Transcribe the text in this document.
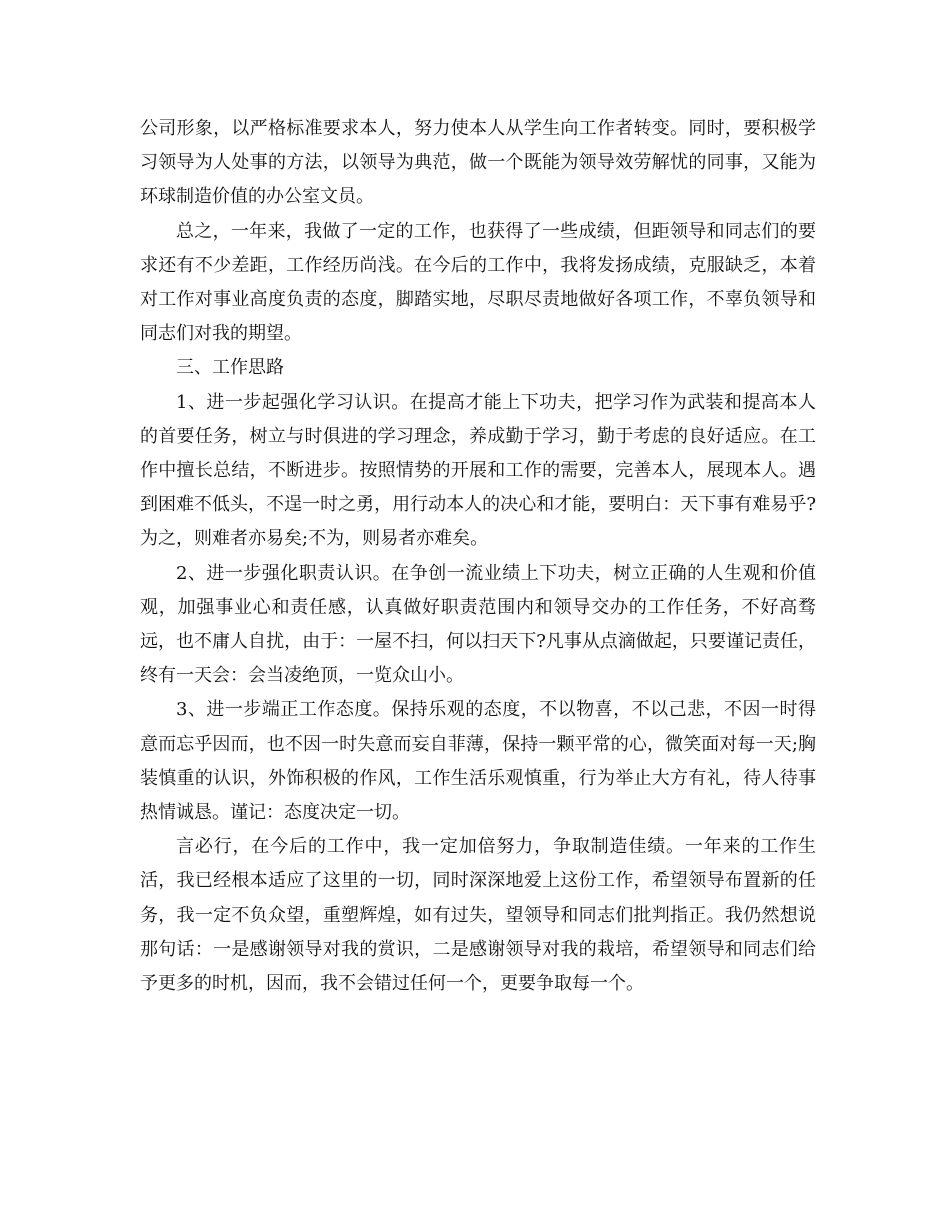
公司形象，以严格标准要求本人，努力使本人从学生向工作者转变。同时，要积极学习领导为人处事的方法，以领导为典范，做一个既能为领导效劳解忧的同事，又能为环球制造价值的办公室文员。

总之，一年来，我做了一定的工作，也获得了一些成绩，但距领导和同志们的要求还有不少差距，工作经历尚浅。在今后的工作中，我将发扬成绩，克服缺乏，本着对工作对事业高度负责的态度，脚踏实地，尽职尽责地做好各项工作，不辜负领导和同志们对我的期望。

三、工作思路

1、进一步起强化学习认识。在提高才能上下功夫，把学习作为武装和提高本人的首要任务，树立与时俱进的学习理念，养成勤于学习，勤于考虑的良好适应。在工作中擅长总结，不断进步。按照情势的开展和工作的需要，完善本人，展现本人。遇到困难不低头，不逞一时之勇，用行动本人的决心和才能，要明白：天下事有难易乎?为之，则难者亦易矣;不为，则易者亦难矣。

2、进一步强化职责认识。在争创一流业绩上下功夫，树立正确的人生观和价值观，加强事业心和责任感，认真做好职责范围内和领导交办的工作任务，不好高骛远，也不庸人自扰，由于：一屋不扫，何以扫天下?凡事从点滴做起，只要谨记责任，终有一天会：会当凌绝顶，一览众山小。

3、进一步端正工作态度。保持乐观的态度，不以物喜，不以己悲，不因一时得意而忘乎因而，也不因一时失意而妄自菲薄，保持一颗平常的心，微笑面对每一天;胸装慎重的认识，外饰积极的作风，工作生活乐观慎重，行为举止大方有礼，待人待事热情诚恳。谨记：态度决定一切。

言必行，在今后的工作中，我一定加倍努力，争取制造佳绩。一年来的工作生活，我已经根本适应了这里的一切，同时深深地爱上这份工作，希望领导布置新的任务，我一定不负众望，重塑辉煌，如有过失，望领导和同志们批判指正。我仍然想说那句话：一是感谢领导对我的赏识，二是感谢领导对我的栽培，希望领导和同志们给予更多的时机，因而，我不会错过任何一个，更要争取每一个。
